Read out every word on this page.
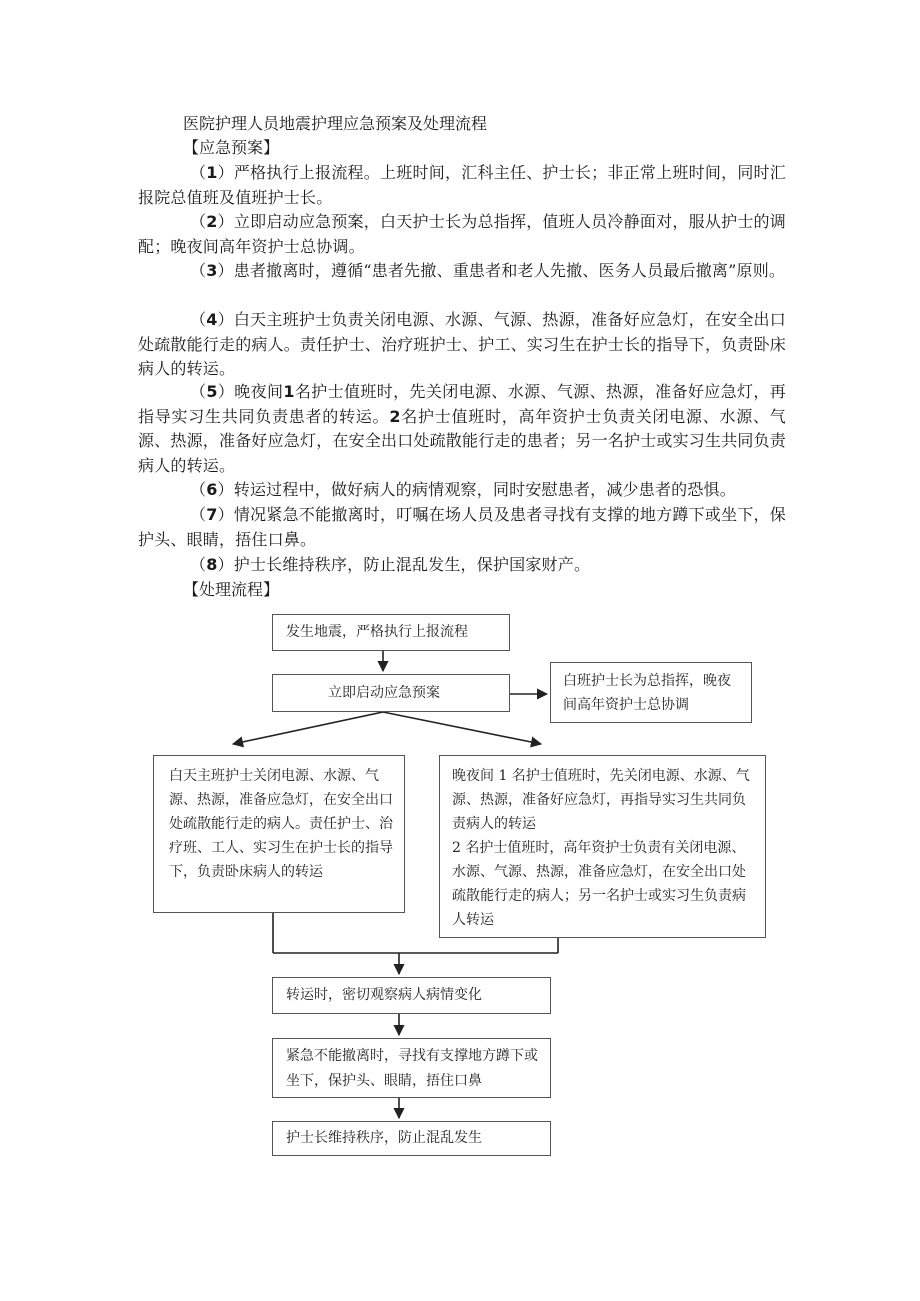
医院护理人员地震护理应急预案及处理流程
【应急预案】
（1）严格执行上报流程。上班时间，汇科主任、护士长；非正常上班时间，同时汇报院总值班及值班护士长。
（2）立即启动应急预案，白天护士长为总指挥，值班人员冷静面对，服从护士的调配；晚夜间高年资护士总协调。
（3）患者撤离时，遵循“患者先撤、重患者和老人先撤、医务人员最后撤离”原则。
（4）白天主班护士负责关闭电源、水源、气源、热源，准备好应急灯，在安全出口处疏散能行走的病人。责任护士、治疗班护士、护工、实习生在护士长的指导下，负责卧床病人的转运。
（5）晚夜间1名护士值班时，先关闭电源、水源、气源、热源，准备好应急灯，再指导实习生共同负责患者的转运。2名护士值班时，高年资护士负责关闭电源、水源、气源、热源，准备好应急灯，在安全出口处疏散能行走的患者；另一名护士或实习生共同负责病人的转运。
（6）转运过程中，做好病人的病情观察，同时安慰患者，减少患者的恐惧。
（7）情况紧急不能撤离时，叮嘱在场人员及患者寻找有支撑的地方蹲下或坐下，保护头、眼睛，捂住口鼻。
（8）护士长维持秩序，防止混乱发生，保护国家财产。
【处理流程】
发生地震，严格执行上报流程
立即启动应急预案
白班护士长为总指挥，晚夜间高年资护士总协调
白天主班护士关闭电源、水源、气源、热源，准备应急灯，在安全出口处疏散能行走的病人。责任护士、治疗班、工人、实习生在护士长的指导下，负责卧床病人的转运
晚夜间 1 名护士值班时，先关闭电源、水源、气源、热源，准备好应急灯，再指导实习生共同负责病人的转运
2 名护士值班时，高年资护士负责有关闭电源、水源、气源、热源，准备应急灯，在安全出口处疏散能行走的病人；另一名护士或实习生负责病人转运
转运时，密切观察病人病情变化
紧急不能撤离时，寻找有支撑地方蹲下或坐下，保护头、眼睛，捂住口鼻
护士长维持秩序，防止混乱发生
